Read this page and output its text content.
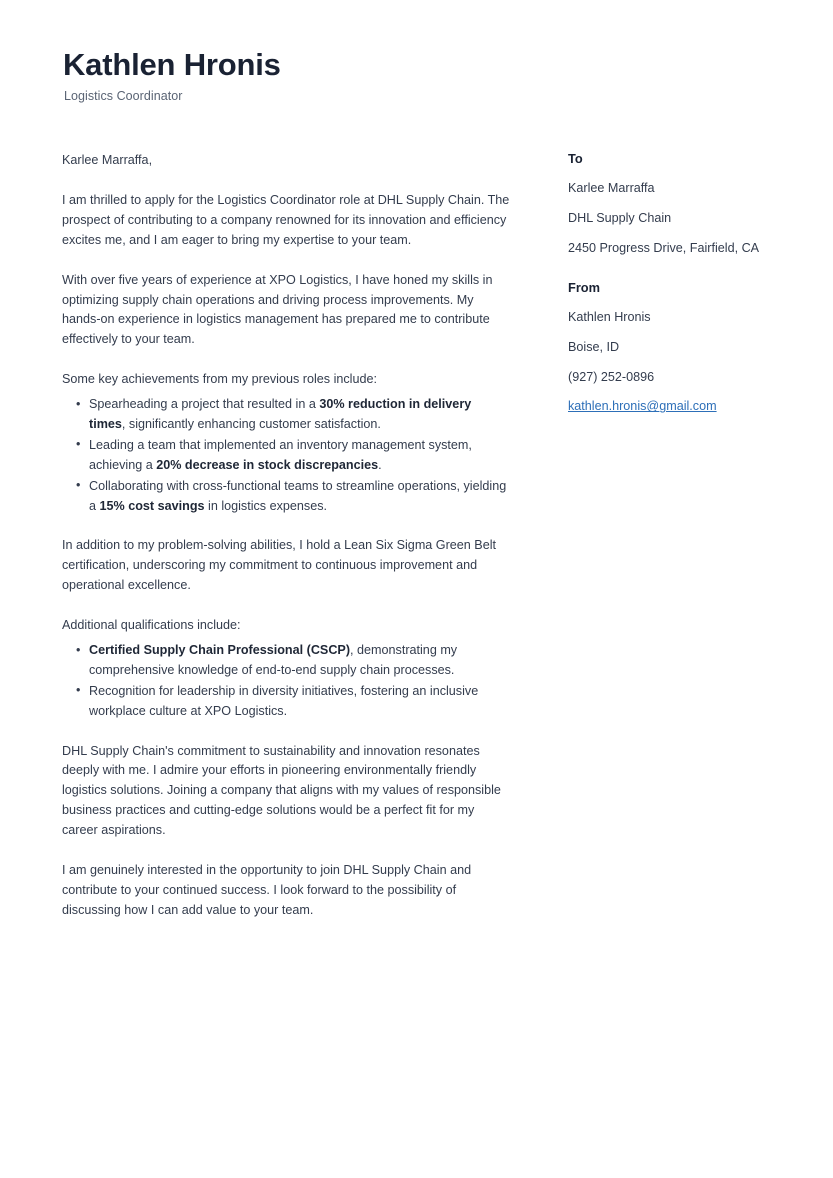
Kathlen Hronis
Logistics Coordinator
Karlee Marraffa,

I am thrilled to apply for the Logistics Coordinator role at DHL Supply Chain. The prospect of contributing to a company renowned for its innovation and efficiency excites me, and I am eager to bring my expertise to your team.

With over five years of experience at XPO Logistics, I have honed my skills in optimizing supply chain operations and driving process improvements. My hands-on experience in logistics management has prepared me to contribute effectively to your team.

Some key achievements from my previous roles include:

• Spearheading a project that resulted in a 30% reduction in delivery times, significantly enhancing customer satisfaction.
• Leading a team that implemented an inventory management system, achieving a 20% decrease in stock discrepancies.
• Collaborating with cross-functional teams to streamline operations, yielding a 15% cost savings in logistics expenses.

In addition to my problem-solving abilities, I hold a Lean Six Sigma Green Belt certification, underscoring my commitment to continuous improvement and operational excellence.

Additional qualifications include:

• Certified Supply Chain Professional (CSCP), demonstrating my comprehensive knowledge of end-to-end supply chain processes.
• Recognition for leadership in diversity initiatives, fostering an inclusive workplace culture at XPO Logistics.

DHL Supply Chain's commitment to sustainability and innovation resonates deeply with me. I admire your efforts in pioneering environmentally friendly logistics solutions. Joining a company that aligns with my values of responsible business practices and cutting-edge solutions would be a perfect fit for my career aspirations.

I am genuinely interested in the opportunity to join DHL Supply Chain and contribute to your continued success. I look forward to the possibility of discussing how I can add value to your team.

To
Karlee Marraffa
DHL Supply Chain
2450 Progress Drive, Fairfield, CA
From
Kathlen Hronis
Boise, ID
(927) 252-0896
kathlen.hronis@gmail.com
